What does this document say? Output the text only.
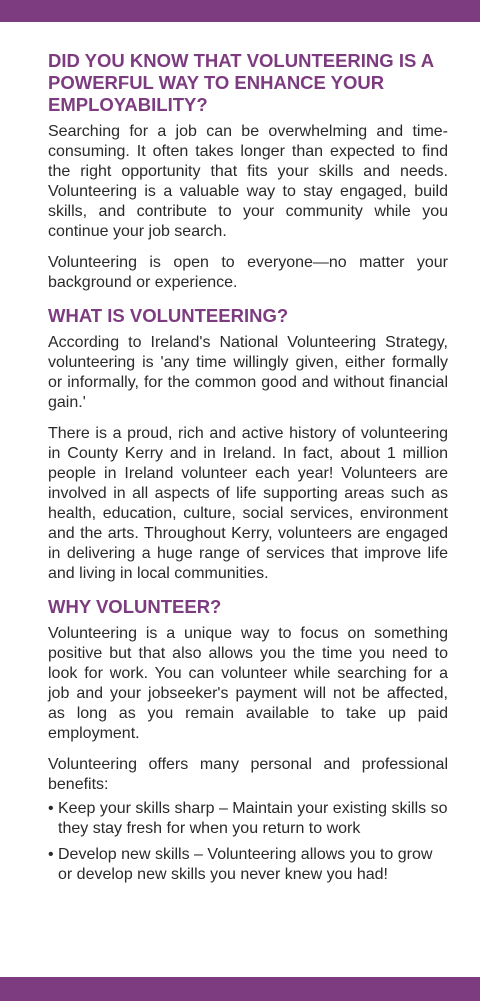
DID YOU KNOW THAT VOLUNTEERING IS A POWERFUL WAY TO ENHANCE YOUR EMPLOYABILITY?

Searching for a job can be overwhelming and time-consuming. It often takes longer than expected to find the right opportunity that fits your skills and needs. Volunteering is a valuable way to stay engaged, build skills, and contribute to your community while you continue your job search.

Volunteering is open to everyone—no matter your background or experience.

WHAT IS VOLUNTEERING?

According to Ireland's National Volunteering Strategy, volunteering is 'any time willingly given, either formally or informally, for the common good and without financial gain.'

There is a proud, rich and active history of volunteering in County Kerry and in Ireland. In fact, about 1 million people in Ireland volunteer each year! Volunteers are involved in all aspects of life supporting areas such as health, education, culture, social services, environment and the arts. Throughout Kerry, volunteers are engaged in delivering a huge range of services that improve life and living in local communities.

WHY VOLUNTEER?

Volunteering is a unique way to focus on something positive but that also allows you the time you need to look for work. You can volunteer while searching for a job and your jobseeker's payment will not be affected, as long as you remain available to take up paid employment.

Volunteering offers many personal and professional benefits:

• Keep your skills sharp – Maintain your existing skills so they stay fresh for when you return to work
• Develop new skills – Volunteering allows you to grow or develop new skills you never knew you had!
